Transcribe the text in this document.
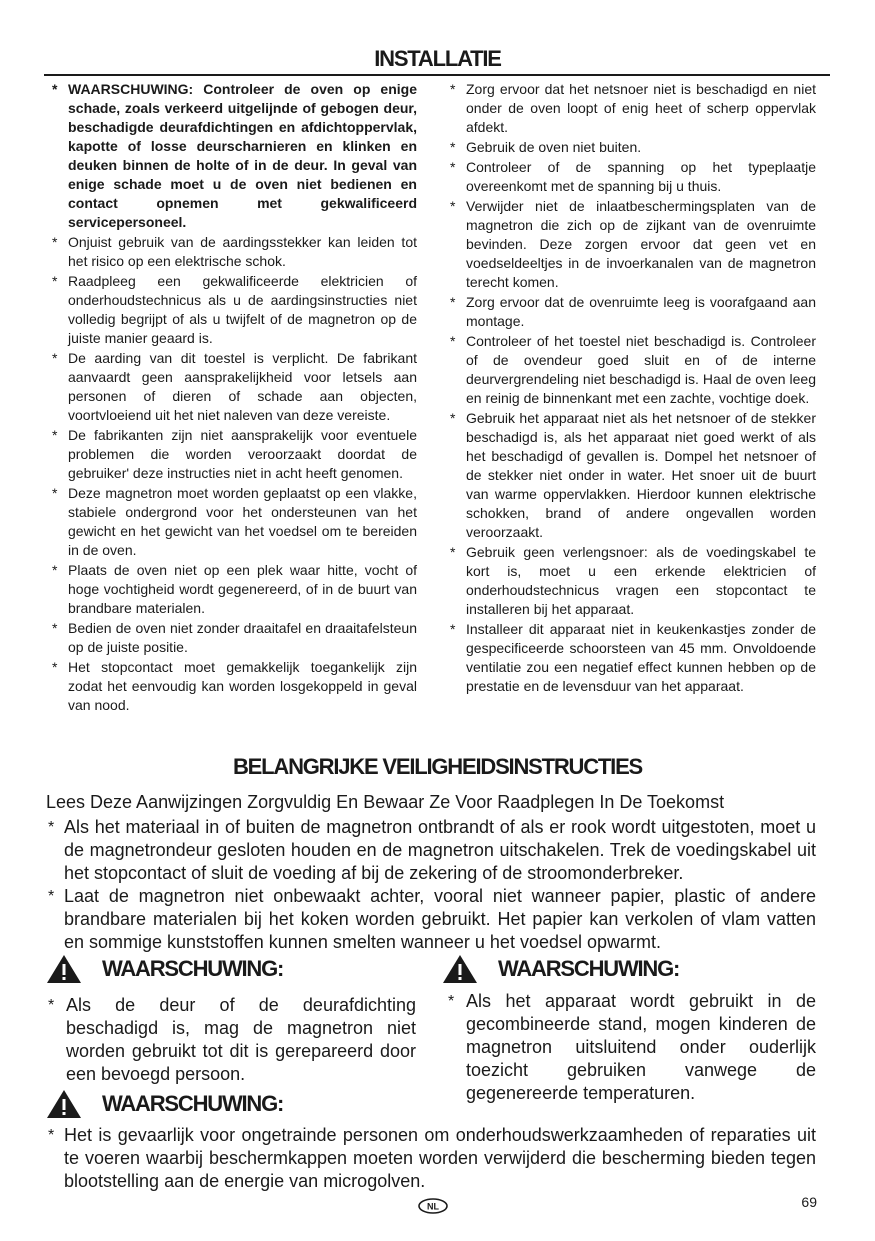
INSTALLATIE
* WAARSCHUWING: Controleer de oven op enige schade, zoals verkeerd uitgelijnde of gebogen deur, beschadigde deurafdichtingen en afdichtoppervlak, kapotte of losse deurscharnieren en klinken en deuken binnen de holte of in de deur. In geval van enige schade moet u de oven niet bedienen en contact opnemen met gekwalificeerd servicepersoneel.
* Onjuist gebruik van de aardingsstekker kan leiden tot het risico op een elektrische schok.
* Raadpleeg een gekwalificeerde elektricien of onderhoudstechnicus als u de aardingsinstructies niet volledig begrijpt of als u twijfelt of de magnetron op de juiste manier geaard is.
* De aarding van dit toestel is verplicht. De fabrikant aanvaardt geen aansprakelijkheid voor letsels aan personen of dieren of schade aan objecten, voortvloeiend uit het niet naleven van deze vereiste.
* De fabrikanten zijn niet aansprakelijk voor eventuele problemen die worden veroorzaakt doordat de gebruiker' deze instructies niet in acht heeft genomen.
* Deze magnetron moet worden geplaatst op een vlakke, stabiele ondergrond voor het ondersteunen van het gewicht en het gewicht van het voedsel om te bereiden in de oven.
* Plaats de oven niet op een plek waar hitte, vocht of hoge vochtigheid wordt gegenereerd, of in de buurt van brandbare materialen.
* Bedien de oven niet zonder draaitafel en draaitafelsteun op de juiste positie.
* Het stopcontact moet gemakkelijk toegankelijk zijn zodat het eenvoudig kan worden losgekoppeld in geval van nood.
* Zorg ervoor dat het netsnoer niet is beschadigd en niet onder de oven loopt of enig heet of scherp oppervlak afdekt.
* Gebruik de oven niet buiten.
* Controleer of de spanning op het typeplaatje overeenkomt met de spanning bij u thuis.
* Verwijder niet de inlaatbeschermingsplaten van de magnetron die zich op de zijkant van de ovenruimte bevinden. Deze zorgen ervoor dat geen vet en voedseldeeltjes in de invoerkanalen van de magnetron terecht komen.
* Zorg ervoor dat de ovenruimte leeg is voorafgaand aan montage.
* Controleer of het toestel niet beschadigd is. Controleer of de ovendeur goed sluit en of de interne deurvergrendeling niet beschadigd is. Haal de oven leeg en reinig de binnenkant met een zachte, vochtige doek.
* Gebruik het apparaat niet als het netsnoer of de stekker beschadigd is, als het apparaat niet goed werkt of als het beschadigd of gevallen is. Dompel het netsnoer of de stekker niet onder in water. Het snoer uit de buurt van warme oppervlakken. Hierdoor kunnen elektrische schokken, brand of andere ongevallen worden veroorzaakt.
* Gebruik geen verlengsnoer: als de voedingskabel te kort is, moet u een erkende elektricien of onderhoudstechnicus vragen een stopcontact te installeren bij het apparaat.
* Installeer dit apparaat niet in keukenkastjes zonder de gespecificeerde schoorsteen van 45 mm. Onvoldoende ventilatie zou een negatief effect kunnen hebben op de prestatie en de levensduur van het apparaat.
BELANGRIJKE VEILIGHEIDSINSTRUCTIES
Lees Deze Aanwijzingen Zorgvuldig En Bewaar Ze Voor Raadplegen In De Toekomst
* Als het materiaal in of buiten de magnetron ontbrandt of als er rook wordt uitgestoten, moet u de magnetrondeur gesloten houden en de magnetron uitschakelen. Trek de voedingskabel uit het stopcontact of sluit de voeding af bij de zekering of de stroomonderbreker.
* Laat de magnetron niet onbewaakt achter, vooral niet wanneer papier, plastic of andere brandbare materialen bij het koken worden gebruikt. Het papier kan verkolen of vlam vatten en sommige kunststoffen kunnen smelten wanneer u het voedsel opwarmt.
WAARSCHUWING:	WAARSCHUWING:
* Als de deur of de deurafdichting beschadigd is, mag de magnetron niet worden gebruikt tot dit is gerepareerd door een bevoegd persoon.
* Als het apparaat wordt gebruikt in de gecombineerde stand, mogen kinderen de magnetron uitsluitend onder ouderlijk toezicht gebruiken vanwege de gegenereerde temperaturen.
WAARSCHUWING:
* Het is gevaarlijk voor ongetrainde personen om onderhoudswerkzaamheden of reparaties uit te voeren waarbij beschermkappen moeten worden verwijderd die bescherming bieden tegen blootstelling aan de energie van microgolven.
NL	69
